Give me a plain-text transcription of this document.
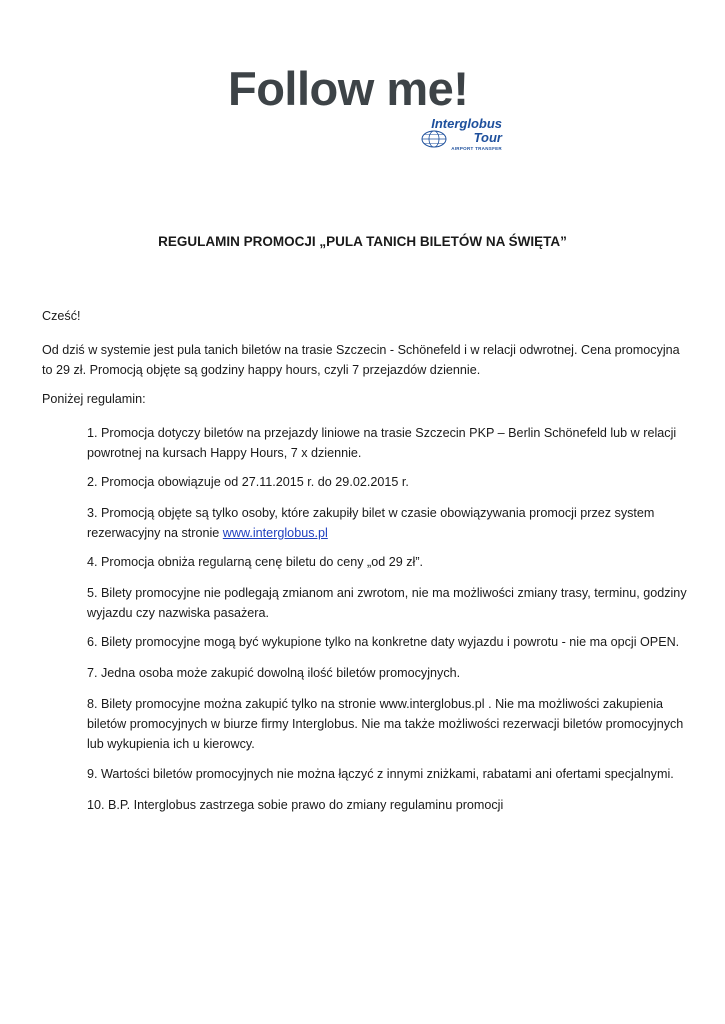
Follow me!
Interglobus
Tour
AIRPORT TRANSFER
REGULAMIN PROMOCJI „PULA TANICH BILETÓW NA ŚWIĘTA”

Cześć!

Od dziś w systemie jest pula tanich biletów na trasie Szczecin - Schönefeld i w relacji odwrotnej. Cena promocyjna to 29 zł. Promocją objęte są godziny happy hours, czyli 7 przejazdów dziennie.

Poniżej regulamin:

1. Promocja dotyczy biletów na przejazdy liniowe na trasie Szczecin PKP – Berlin Schönefeld lub w relacji powrotnej na kursach Happy Hours, 7 x dziennie.

2. Promocja obowiązuje od 27.11.2015 r. do 29.02.2015 r.

3. Promocją objęte są tylko osoby, które zakupiły bilet w czasie obowiązywania promocji przez system rezerwacyjny na stronie www.interglobus.pl

4. Promocja obniża regularną cenę biletu do ceny „od 29 zł”.

5. Bilety promocyjne nie podlegają zmianom ani zwrotom, nie ma możliwości zmiany trasy, terminu, godziny wyjazdu czy nazwiska pasażera.

6. Bilety promocyjne mogą być wykupione tylko na konkretne daty wyjazdu i powrotu - nie ma opcji OPEN.

7. Jedna osoba może zakupić dowolną ilość biletów promocyjnych.

8. Bilety promocyjne można zakupić tylko na stronie www.interglobus.pl . Nie ma możliwości zakupienia biletów promocyjnych w biurze firmy Interglobus. Nie ma także możliwości rezerwacji biletów promocyjnych lub wykupienia ich u kierowcy.

9. Wartości biletów promocyjnych nie można łączyć z innymi zniżkami, rabatami ani ofertami specjalnymi.

10. B.P. Interglobus zastrzega sobie prawo do zmiany regulaminu promocji
